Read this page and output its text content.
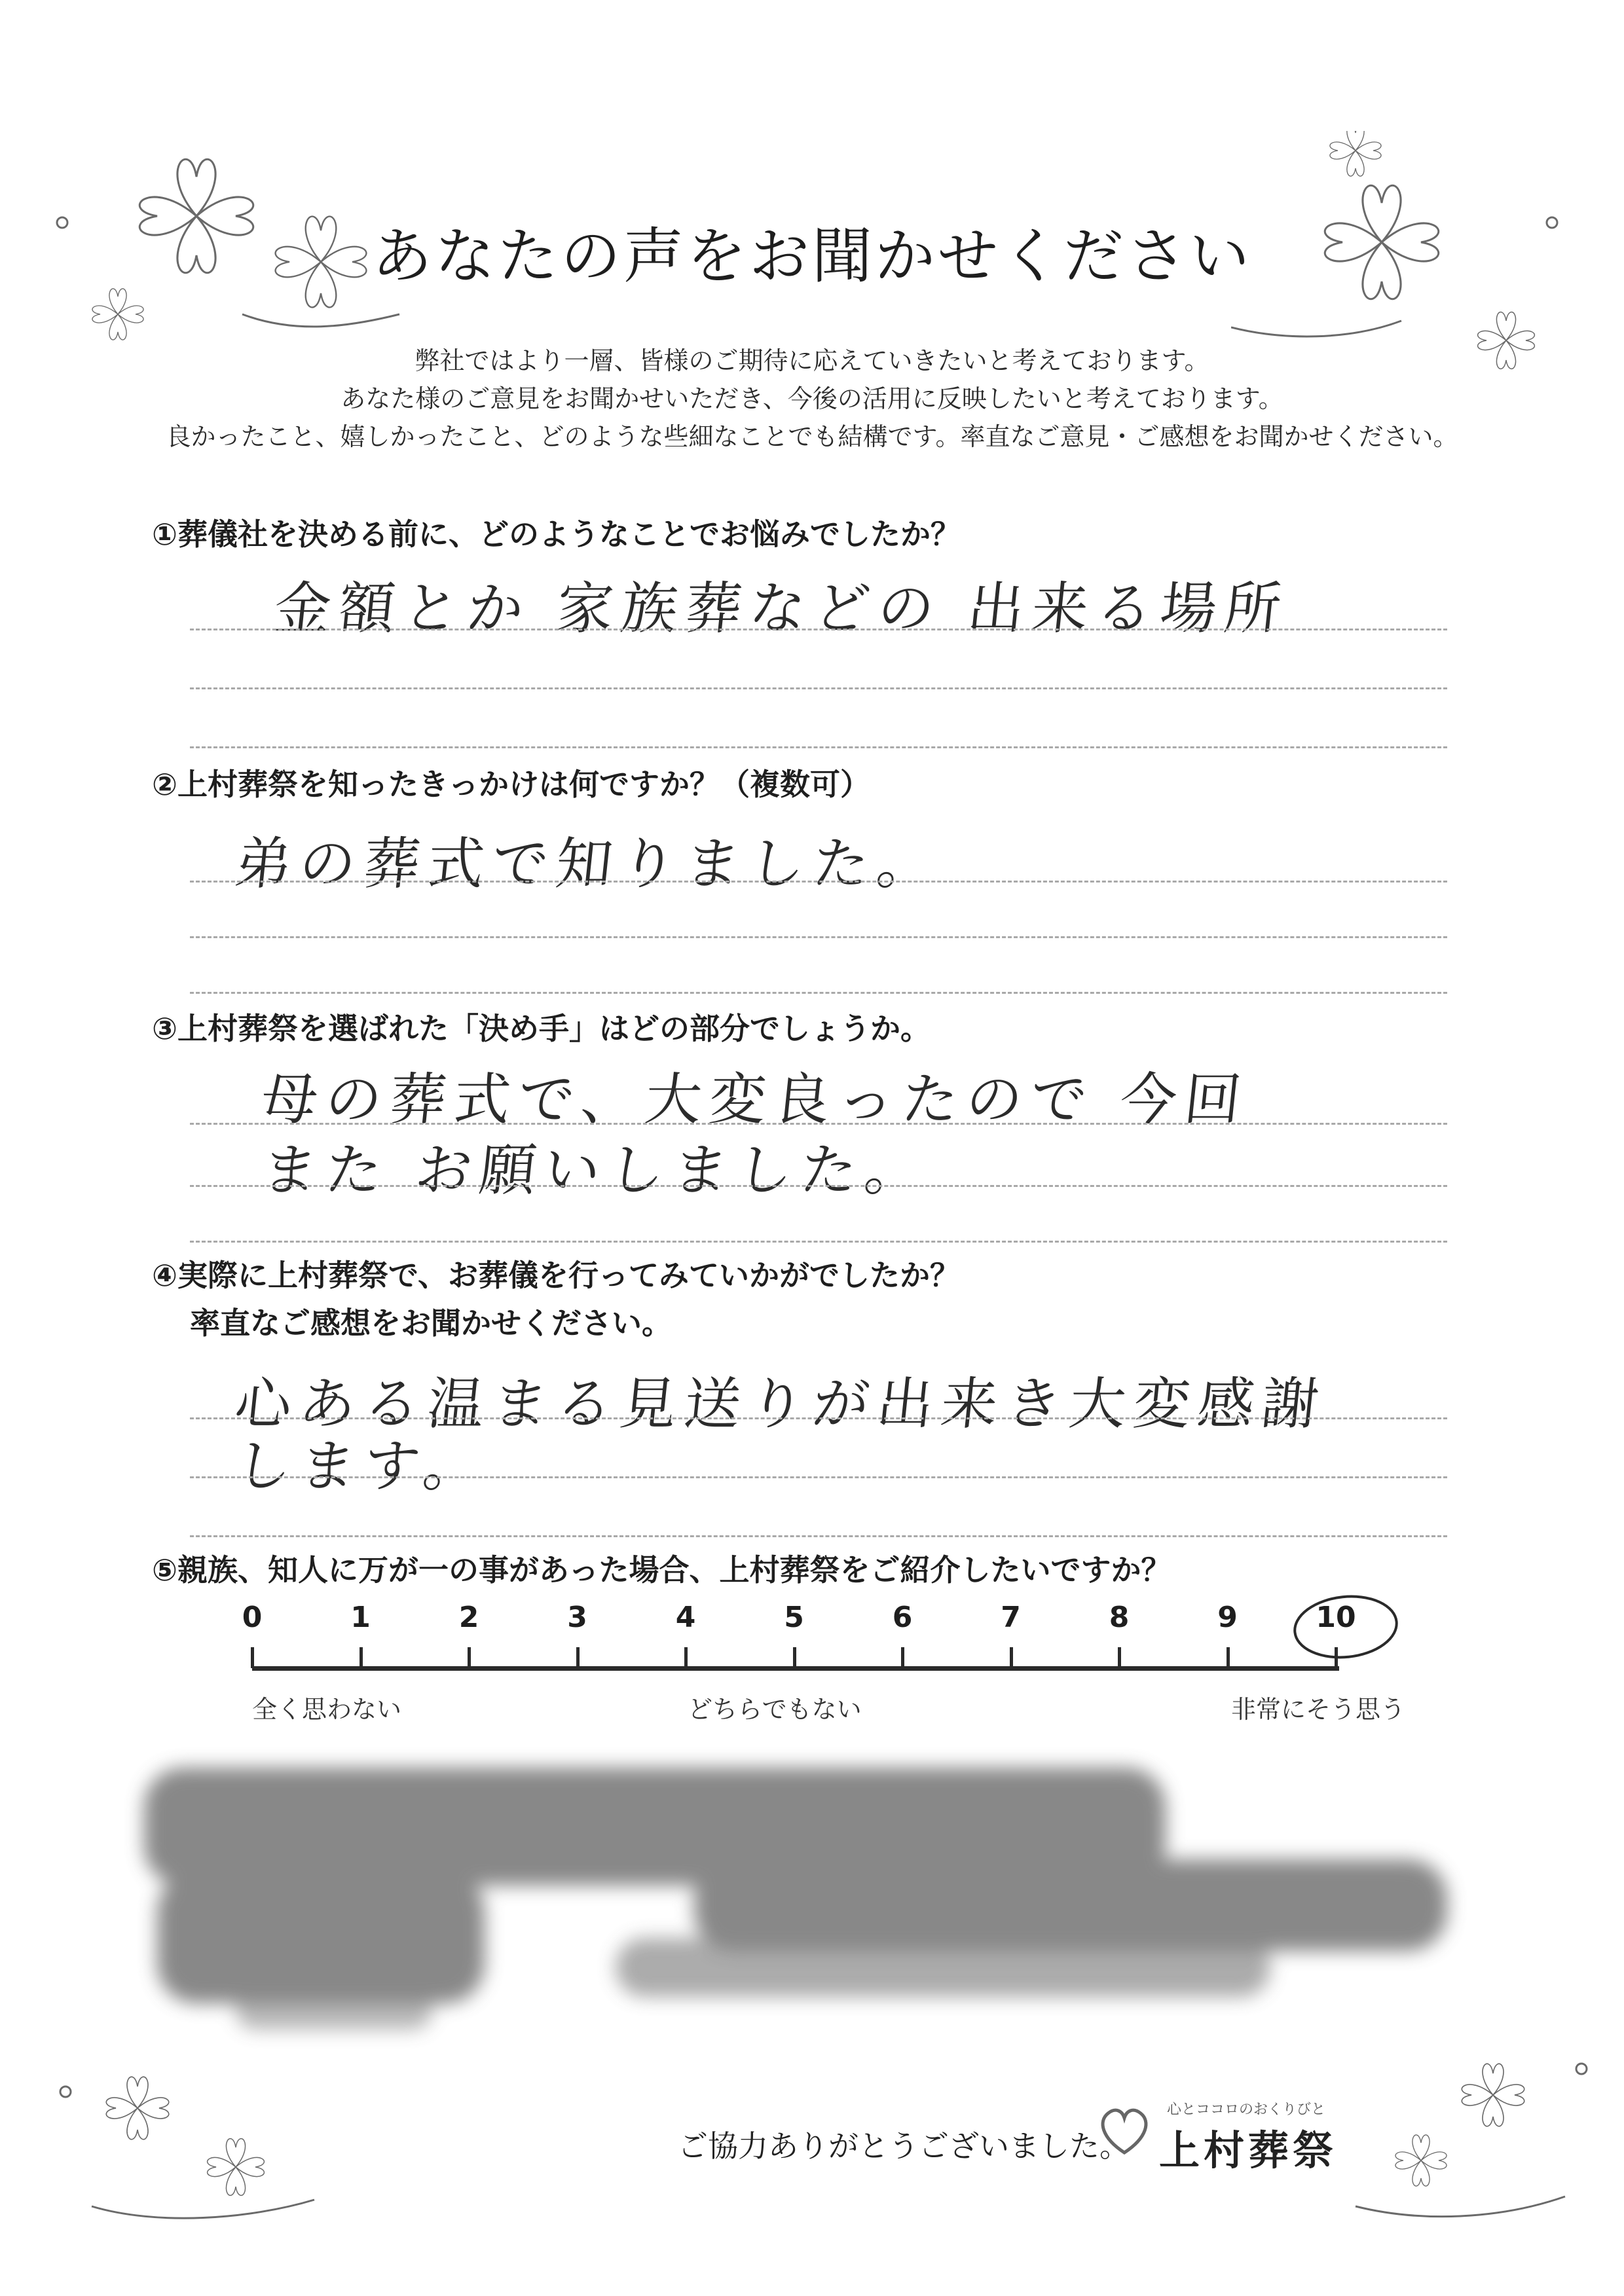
あなたの声をお聞かせください
弊社ではより一層、皆様のご期待に応えていきたいと考えております。
あなた様のご意見をお聞かせいただき、今後の活用に反映したいと考えております。
良かったこと、嬉しかったこと、どのような些細なことでも結構です。率直なご意見・ご感想をお聞かせください。
①葬儀社を決める前に、どのようなことでお悩みでしたか？
金額とか 家族葬などの 出来る場所
②上村葬祭を知ったきっかけは何ですか？（複数可）
弟の葬式で知りました。
③上村葬祭を選ばれた「決め手」はどの部分でしょうか。
母の葬式で、大変良ったので 今回
また お願いしました。
④実際に上村葬祭で、お葬儀を行ってみていかがでしたか？
率直なご感想をお聞かせください。
心ある温まる見送りが出来き大変感謝
します。
⑤親族、知人に万が一の事があった場合、上村葬祭をご紹介したいですか？
0	1	2	3	4	5	6	7	8	9	10
全く思わない	どちらでもない	非常にそう思う
ご協力ありがとうございました。
心とココロのおくりびと
上村葬祭
